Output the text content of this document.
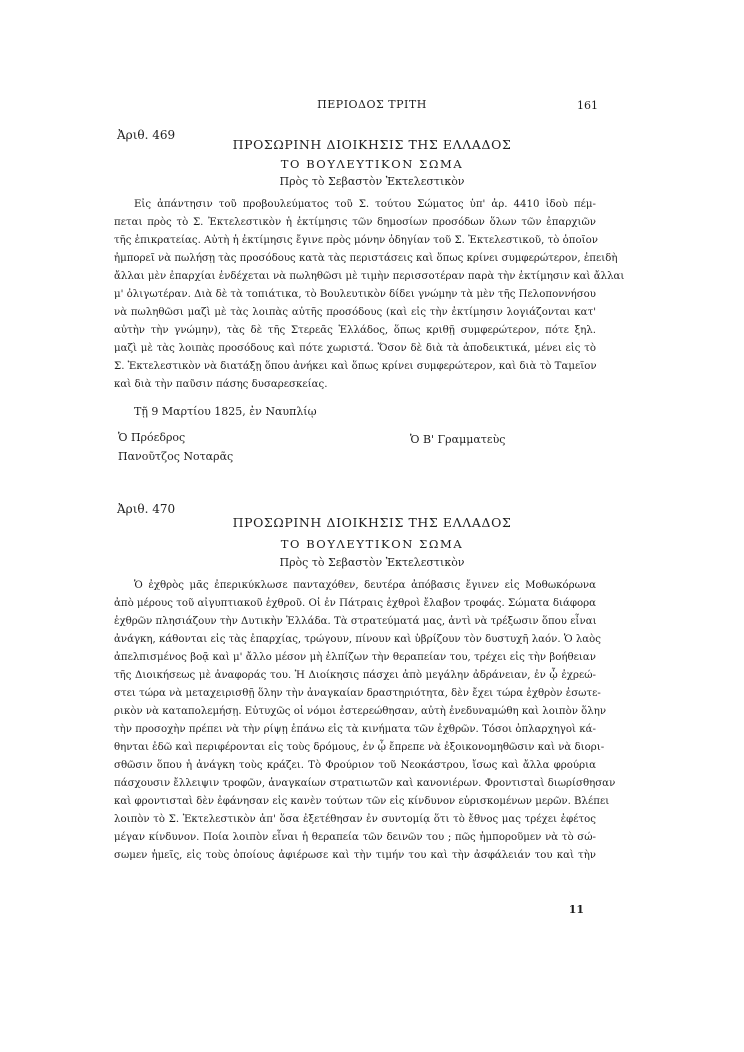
ΠΕΡΙΟΔΟΣ ΤΡΙΤΗ	161
Ἀριθ. 469
ΠΡΟΣΩΡΙΝΗ ΔΙΟΙΚΗΣΙΣ ΤΗΣ ΕΛΛΑΔΟΣ
ΤΟ ΒΟΥΛΕΥΤΙΚΟΝ ΣΩΜΑ
Πρὸς τὸ Σεβαστὸν Ἐκτελεστικὸν
Εἰς ἀπάντησιν τοῦ προβουλεύματος τοῦ Σ. τούτου Σώματος ὑπ' ἀρ. 4410 ἰδοὺ πέμ-
πεται πρὸς τὸ Σ. Ἐκτελεστικὸν ἡ ἐκτίμησις τῶν δημοσίων προσόδων ὅλων τῶν ἐπαρχιῶν
τῆς ἐπικρατείας. Αὐτὴ ἡ ἐκτίμησις ἔγινε πρὸς μόνην ὁδηγίαν τοῦ Σ. Ἐκτελεστικοῦ, τὸ ὁποῖον
ἠμπορεῖ νὰ πωλήσῃ τὰς προσόδους κατὰ τὰς περιστάσεις καὶ ὅπως κρίνει συμφερώτερον, ἐπειδὴ
ἄλλαι μὲν ἐπαρχίαι ἐνδέχεται νὰ πωληθῶσι μὲ τιμὴν περισσοτέραν παρὰ τὴν ἐκτίμησιν καὶ ἄλλαι
μ' ὀλιγωτέραν. Διὰ δὲ τὰ τοπιάτικα, τὸ Βουλευτικὸν δίδει γνώμην τὰ μὲν τῆς Πελοποννήσου
νὰ πωληθῶσι μαζὶ μὲ τὰς λοιπὰς αὐτῆς προσόδους (καὶ εἰς τὴν ἐκτίμησιν λογιάζονται κατ'
αὐτὴν τὴν γνώμην), τὰς δὲ τῆς Στερεᾶς Ἑλλάδος, ὅπως κριθῇ συμφερώτερον, πότε ξηλ.
μαζὶ μὲ τὰς λοιπὰς προσόδους καὶ πότε χωριστά. Ὅσον δὲ διὰ τὰ ἀποδεικτικά, μένει εἰς τὸ
Σ. Ἐκτελεστικὸν νὰ διατάξῃ ὅπου ἀνήκει καὶ ὅπως κρίνει συμφερώτερον, καὶ διὰ τὸ Ταμεῖον
καὶ διὰ τὴν παῦσιν πάσης δυσαρεσκείας.
Τῇ 9 Μαρτίου 1825, ἐν Ναυπλίῳ
Ὁ Πρόεδρος	Ὁ Β' Γραμματεὺς
Πανοῦτζος Νοταρᾶς
Ἀριθ. 470
ΠΡΟΣΩΡΙΝΗ ΔΙΟΙΚΗΣΙΣ ΤΗΣ ΕΛΛΑΔΟΣ
ΤΟ ΒΟΥΛΕΥΤΙΚΟΝ ΣΩΜΑ
Πρὸς τὸ Σεβαστὸν Ἐκτελεστικὸν
Ὁ ἐχθρὸς μᾶς ἐπερικύκλωσε πανταχόθεν, δευτέρα ἀπόβασις ἔγινεν εἰς Μοθωκόρωνα
ἀπὸ μέρους τοῦ αἰγυπτιακοῦ ἐχθροῦ. Οἱ ἐν Πάτραις ἐχθροὶ ἔλαβον τροφάς. Σώματα διάφορα
ἐχθρῶν πλησιάζουν τὴν Δυτικὴν Ἑλλάδα. Τὰ στρατεύματά μας, ἀντὶ νὰ τρέξωσιν ὅπου εἶναι
ἀνάγκη, κάθονται εἰς τὰς ἐπαρχίας, τρώγουν, πίνουν καὶ ὑβρίζουν τὸν δυστυχῆ λαόν. Ὁ λαὸς
ἀπελπισμένος βοᾷ καὶ μ' ἄλλο μέσον μὴ ἐλπίζων τὴν θεραπείαν του, τρέχει εἰς τὴν βοήθειαν
τῆς Διοικήσεως μὲ ἀναφοράς του. Ἡ Διοίκησις πάσχει ἀπὸ μεγάλην ἀδράνειαν, ἐν ᾧ ἐχρεώ-
στει τώρα νὰ μεταχειρισθῇ ὅλην τὴν ἀναγκαίαν δραστηριότητα, δὲν ἔχει τώρα ἐχθρὸν ἐσωτε-
ρικὸν νὰ καταπολεμήσῃ. Εὐτυχῶς οἱ νόμοι ἐστερεώθησαν, αὐτὴ ἐνεδυναμώθη καὶ λοιπὸν ὅλην
τὴν προσοχὴν πρέπει νὰ τὴν ρίψῃ ἐπάνω εἰς τὰ κινήματα τῶν ἐχθρῶν. Τόσοι ὀπλαρχηγοὶ κά-
θηνται ἐδῶ καὶ περιφέρονται εἰς τοὺς δρόμους, ἐν ᾧ ἔπρεπε νὰ ἐξοικονομηθῶσιν καὶ νὰ διορι-
σθῶσιν ὅπου ἡ ἀνάγκη τοὺς κράζει. Τὸ Φρούριον τοῦ Νεοκάστρου, ἴσως καὶ ἄλλα φρούρια
πάσχουσιν ἔλλειψιν τροφῶν, ἀναγκαίων στρατιωτῶν καὶ κανονιέρων. Φροντισταὶ διωρίσθησαν
καὶ φροντισταὶ δὲν ἐφάνησαν εἰς κανὲν τούτων τῶν εἰς κίνδυνον εὑρισκομένων μερῶν. Βλέπει
λοιπὸν τὸ Σ. Ἐκτελεστικὸν ἀπ' ὅσα ἐξετέθησαν ἐν συντομίᾳ ὅτι τὸ ἔθνος μας τρέχει ἐφέτος
μέγαν κίνδυνον. Ποία λοιπὸν εἶναι ἡ θεραπεία τῶν δεινῶν του ; πῶς ἠμποροῦμεν νὰ τὸ σώ-
σωμεν ἡμεῖς, εἰς τοὺς ὁποίους ἀφιέρωσε καὶ τὴν τιμήν του καὶ τὴν ἀσφάλειάν του καὶ τὴν
11
